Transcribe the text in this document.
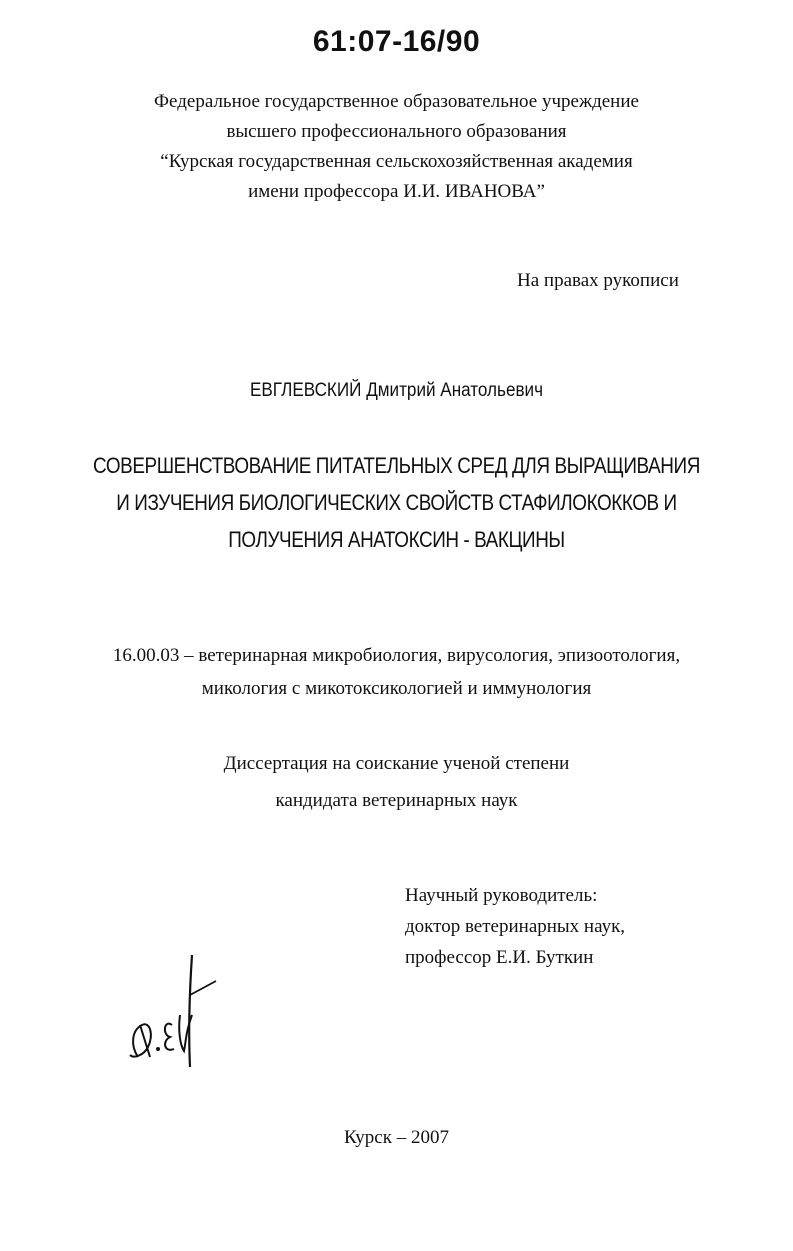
61:07-16/90
Федеральное государственное образовательное учреждение
высшего профессионального образования
“Курская государственная сельскохозяйственная академия
имени профессора И.И. ИВАНОВА”
На правах рукописи
ЕВГЛЕВСКИЙ Дмитрий Анатольевич
СОВЕРШЕНСТВОВАНИЕ ПИТАТЕЛЬНЫХ СРЕД ДЛЯ ВЫРАЩИВАНИЯ
И ИЗУЧЕНИЯ БИОЛОГИЧЕСКИХ СВОЙСТВ СТАФИЛОКОККОВ И
ПОЛУЧЕНИЯ АНАТОКСИН - ВАКЦИНЫ
16.00.03 – ветеринарная микробиология, вирусология, эпизоотология,
микология с микотоксикологией и иммунология
Диссертация на соискание ученой степени
кандидата ветеринарных наук
Научный руководитель:
доктор ветеринарных наук,
профессор Е.И. Буткин
Курск – 2007
